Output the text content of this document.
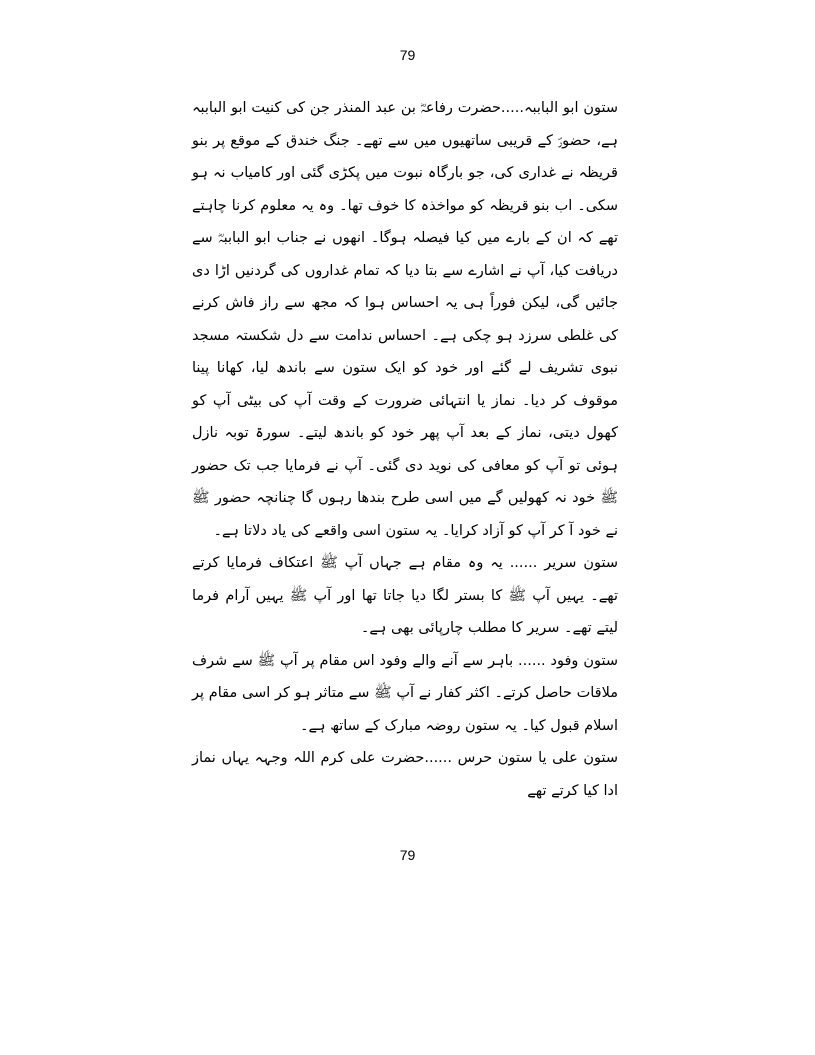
79

ستون ابو الباببہ.....حضرت رفاعہؓ بن عبد المنذر جن کی کنیت ابو الباببہ ہے، حضورؐ کے قریبی ساتھیوں میں سے تھے۔ جنگ خندق کے موقع پر بنو قریظہ نے غداری کی، جو بارگاہ نبوت میں پکڑی گئی اور کامیاب نہ ہو سکی۔ اب بنو قریظہ کو مواخذہ کا خوف تھا۔ وہ یہ معلوم کرنا چاہتے تھے کہ ان کے بارے میں کیا فیصلہ ہوگا۔ انھوں نے جناب ابو الباببہؓ سے دریافت کیا، آپ نے اشارے سے بتا دیا کہ تمام غداروں کی گردنیں اڑا دی جائیں گی، لیکن فوراً ہی یہ احساس ہوا کہ مجھ سے راز فاش کرنے کی غلطی سرزد ہو چکی ہے۔ احساس ندامت سے دل شکستہ مسجد نبوی تشریف لے گئے اور خود کو ایک ستون سے باندھ لیا، کھانا پینا موقوف کر دیا۔ نماز یا انتہائی ضرورت کے وقت آپ کی بیٹی آپ کو کھول دیتی، نماز کے بعد آپ پھر خود کو باندھ لیتے۔ سورۃ توبہ نازل ہوئی تو آپ کو معافی کی نوید دی گئی۔ آپ نے فرمایا جب تک حضور ﷺ خود نہ کھولیں گے میں اسی طرح بندھا رہوں گا چنانچہ حضور ﷺ نے خود آ کر آپ کو آزاد کرایا۔ یہ ستون اسی واقعے کی یاد دلاتا ہے۔

ستون سریر ...... یہ وہ مقام ہے جہاں آپ ﷺ اعتکاف فرمایا کرتے تھے۔ یہیں آپ ﷺ کا بستر لگا دیا جاتا تھا اور آپ ﷺ یہیں آرام فرما لیتے تھے۔ سریر کا مطلب چارپائی بھی ہے۔

ستون وفود ...... باہر سے آنے والے وفود اس مقام پر آپ ﷺ سے شرف ملاقات حاصل کرتے۔ اکثر کفار نے آپ ﷺ سے متاثر ہو کر اسی مقام پر اسلام قبول کیا۔ یہ ستون روضہ مبارک کے ساتھ ہے۔

ستون علی یا ستون حرس ......حضرت علی کرم اللہ وجہہ یہاں نماز ادا کیا کرتے تھے

79
